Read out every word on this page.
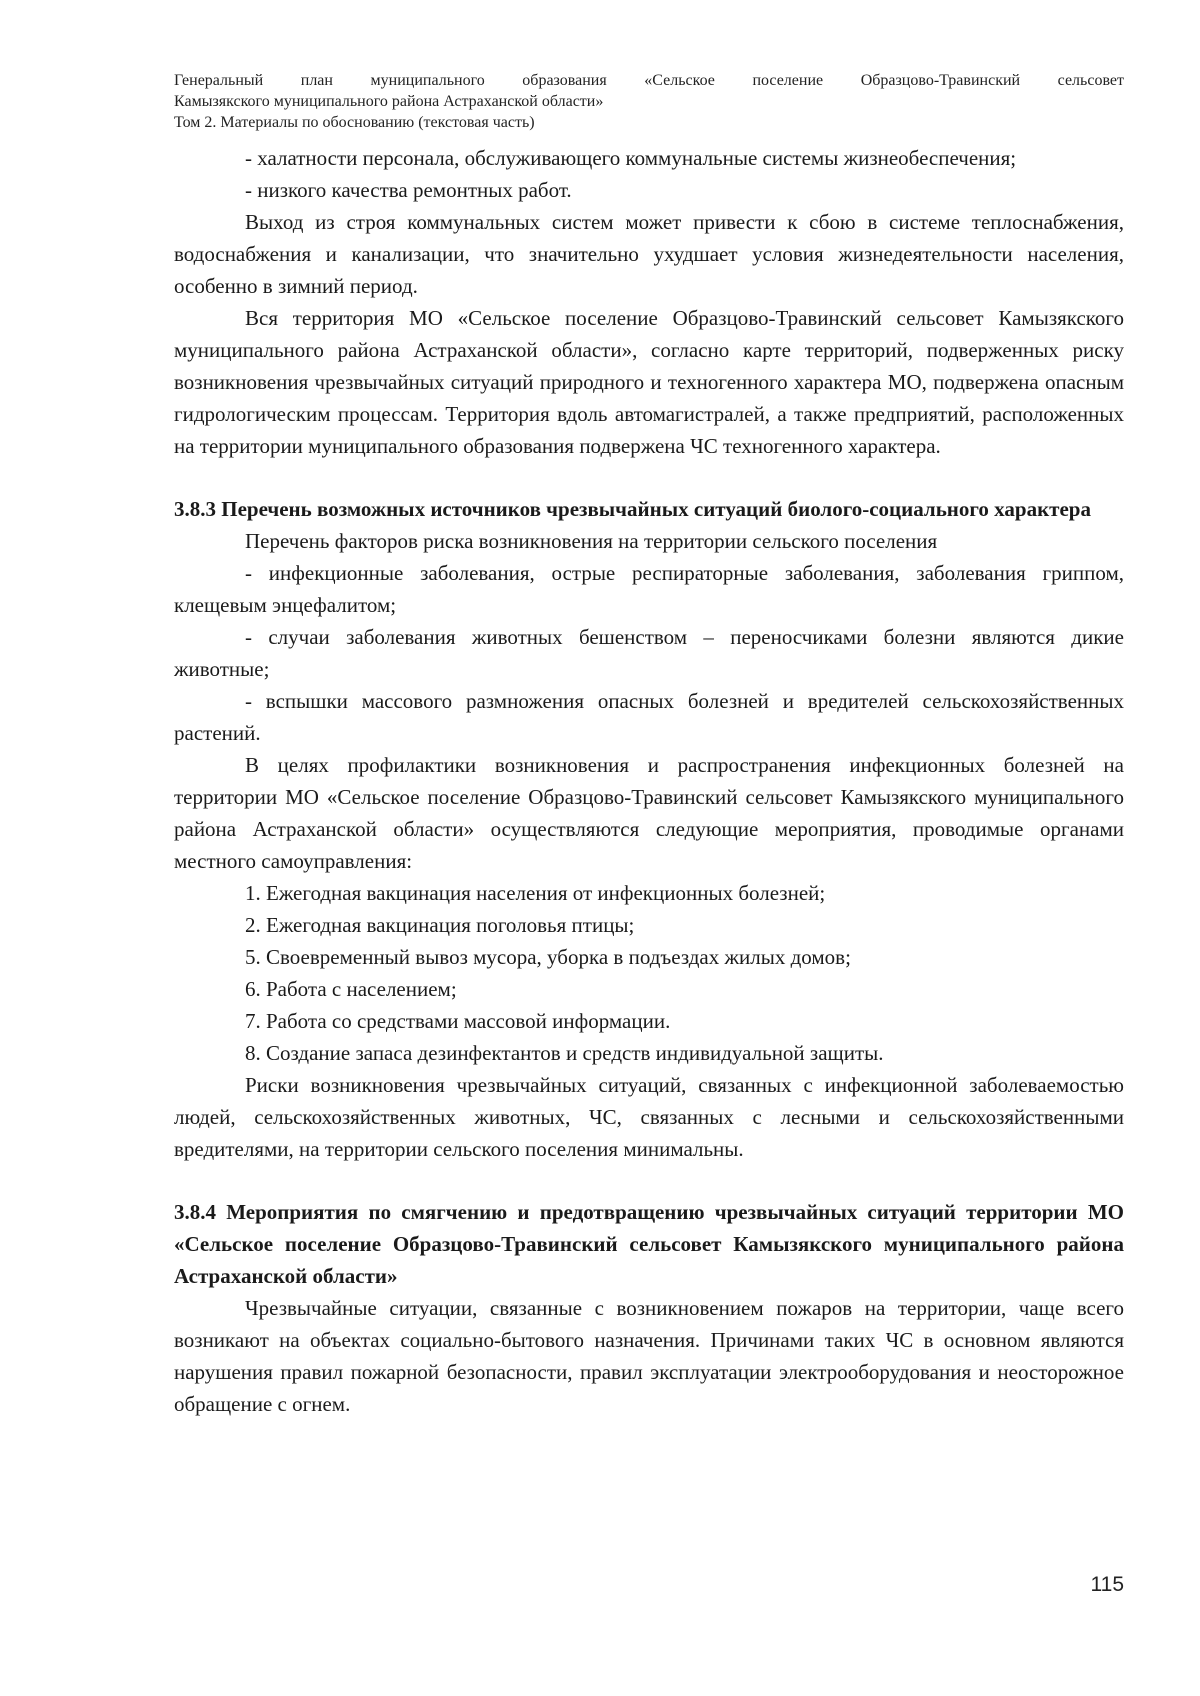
Генеральный план муниципального образования «Сельское поселение Образцово-Травинский сельсовет
Камызякского муниципального района Астраханской области»
Том 2. Материалы по обоснованию (текстовая часть)

- халатности персонала, обслуживающего коммунальные системы жизнеобеспечения;

- низкого качества ремонтных работ.

Выход из строя коммунальных систем может привести к сбою в системе теплоснабжения, водоснабжения и канализации, что значительно ухудшает условия жизнедеятельности населения, особенно в зимний период.

Вся территория МО «Сельское поселение Образцово-Травинский сельсовет Камызякского муниципального района Астраханской области», согласно карте территорий, подверженных риску возникновения чрезвычайных ситуаций природного и техногенного характера МО, подвержена опасным гидрологическим процессам. Территория вдоль автомагистралей, а также предприятий, расположенных на территории муниципального образования подвержена ЧС техногенного характера.

3.8.3 Перечень возможных источников чрезвычайных ситуаций биолого-социального характера

Перечень факторов риска возникновения на территории сельского поселения

- инфекционные заболевания, острые респираторные заболевания, заболевания гриппом, клещевым энцефалитом;

- случаи заболевания животных бешенством – переносчиками болезни являются дикие животные;

- вспышки массового размножения опасных болезней и вредителей сельскохозяйственных растений.

В целях профилактики возникновения и распространения инфекционных болезней на территории МО «Сельское поселение Образцово-Травинский сельсовет Камызякского муниципального района Астраханской области» осуществляются следующие мероприятия, проводимые органами местного самоуправления:

1. Ежегодная вакцинация населения от инфекционных болезней;

2. Ежегодная вакцинация поголовья птицы;

5. Своевременный вывоз мусора, уборка в подъездах жилых домов;

6. Работа с населением;

7. Работа со средствами массовой информации.

8. Создание запаса дезинфектантов и средств индивидуальной защиты.

Риски возникновения чрезвычайных ситуаций, связанных с инфекционной заболеваемостью людей, сельскохозяйственных животных, ЧС, связанных с лесными и сельскохозяйственными вредителями, на территории сельского поселения минимальны.

3.8.4 Мероприятия по смягчению и предотвращению чрезвычайных ситуаций территории МО «Сельское поселение Образцово-Травинский сельсовет Камызякского муниципального района Астраханской области»

Чрезвычайные ситуации, связанные с возникновением пожаров на территории, чаще всего возникают на объектах социально-бытового назначения. Причинами таких ЧС в основном являются нарушения правил пожарной безопасности, правил эксплуатации электрооборудования и неосторожное обращение с огнем.

115
